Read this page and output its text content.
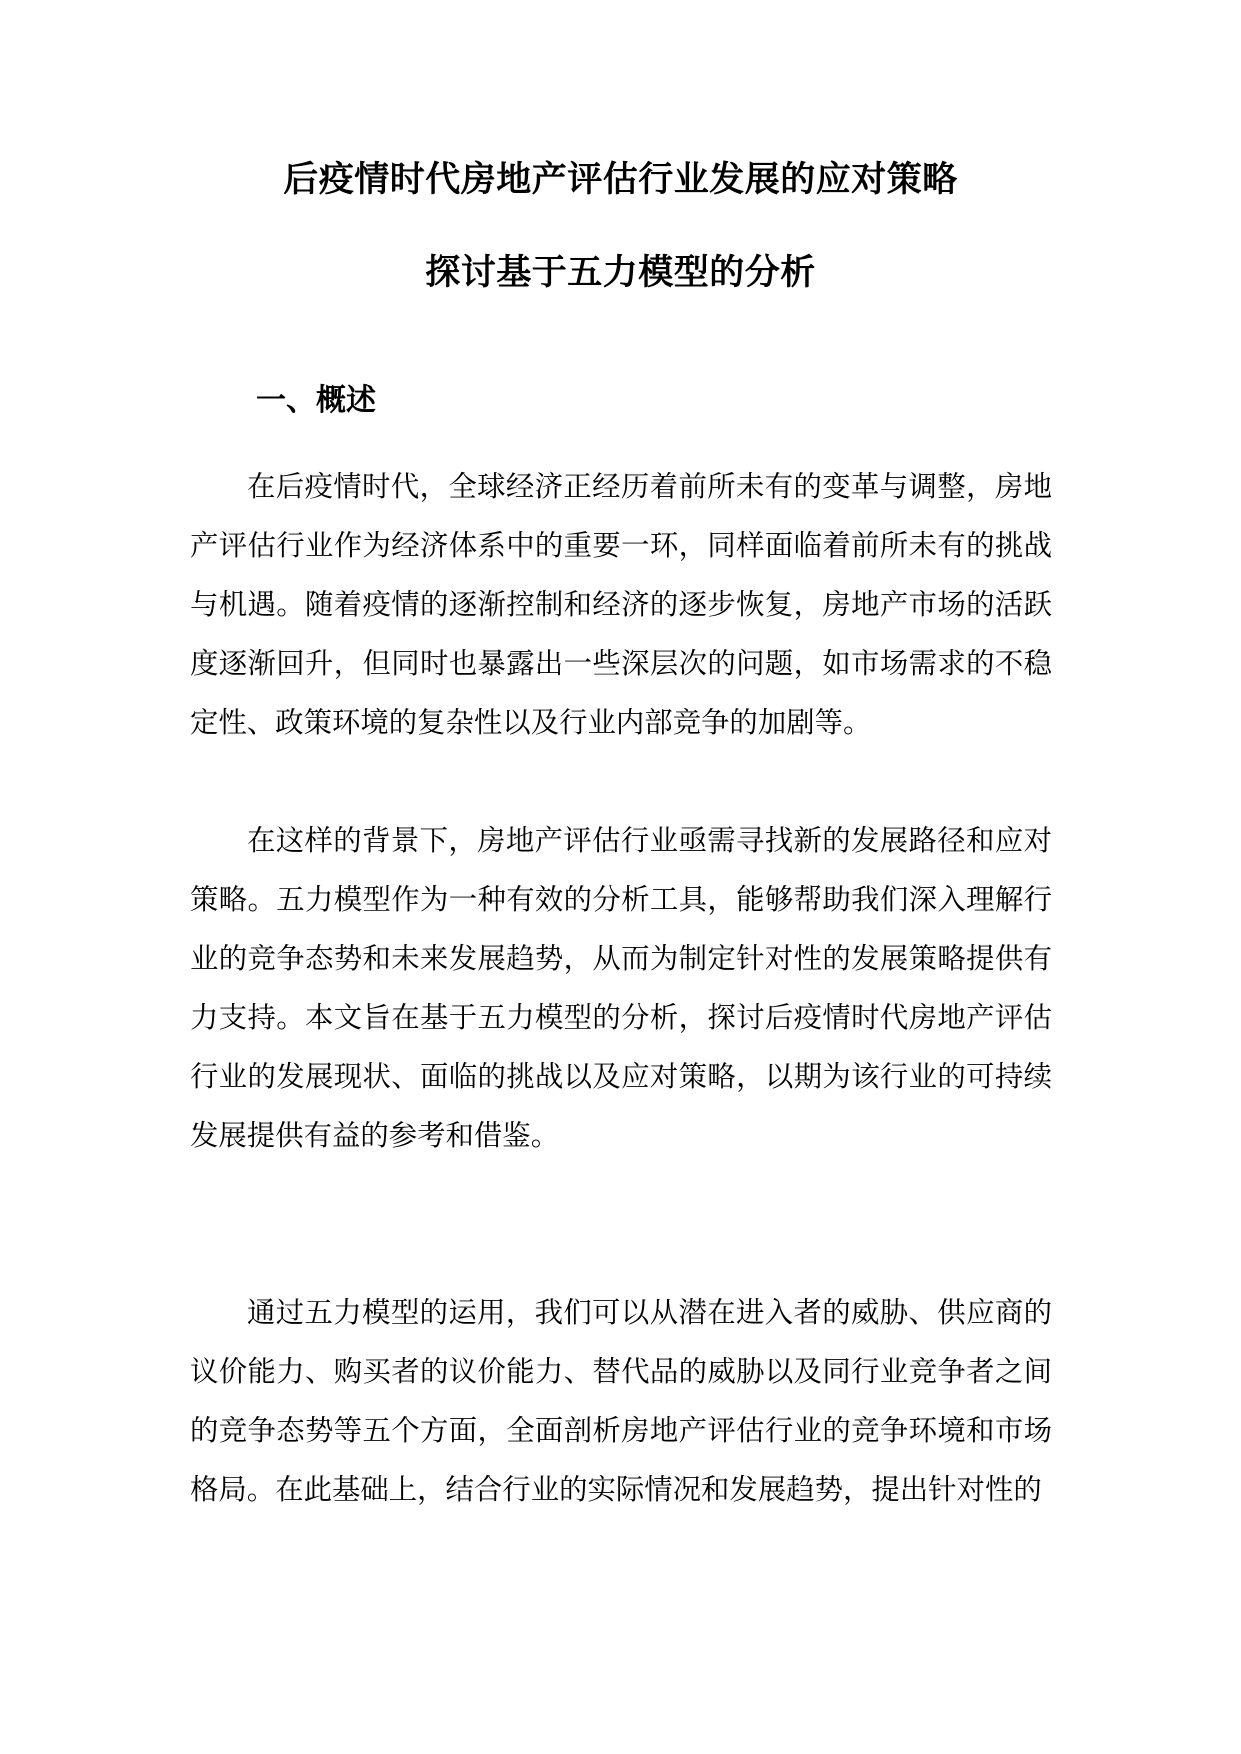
后疫情时代房地产评估行业发展的应对策略
探讨基于五力模型的分析
一、概述

在后疫情时代，全球经济正经历着前所未有的变革与调整，房地产评估行业作为经济体系中的重要一环，同样面临着前所未有的挑战与机遇。随着疫情的逐渐控制和经济的逐步恢复，房地产市场的活跃度逐渐回升，但同时也暴露出一些深层次的问题，如市场需求的不稳定性、政策环境的复杂性以及行业内部竞争的加剧等。

在这样的背景下，房地产评估行业亟需寻找新的发展路径和应对策略。五力模型作为一种有效的分析工具，能够帮助我们深入理解行业的竞争态势和未来发展趋势，从而为制定针对性的发展策略提供有力支持。本文旨在基于五力模型的分析，探讨后疫情时代房地产评估行业的发展现状、面临的挑战以及应对策略，以期为该行业的可持续发展提供有益的参考和借鉴。

通过五力模型的运用，我们可以从潜在进入者的威胁、供应商的议价能力、购买者的议价能力、替代品的威胁以及同行业竞争者之间的竞争态势等五个方面，全面剖析房地产评估行业的竞争环境和市场格局。在此基础上，结合行业的实际情况和发展趋势，提出针对性的
